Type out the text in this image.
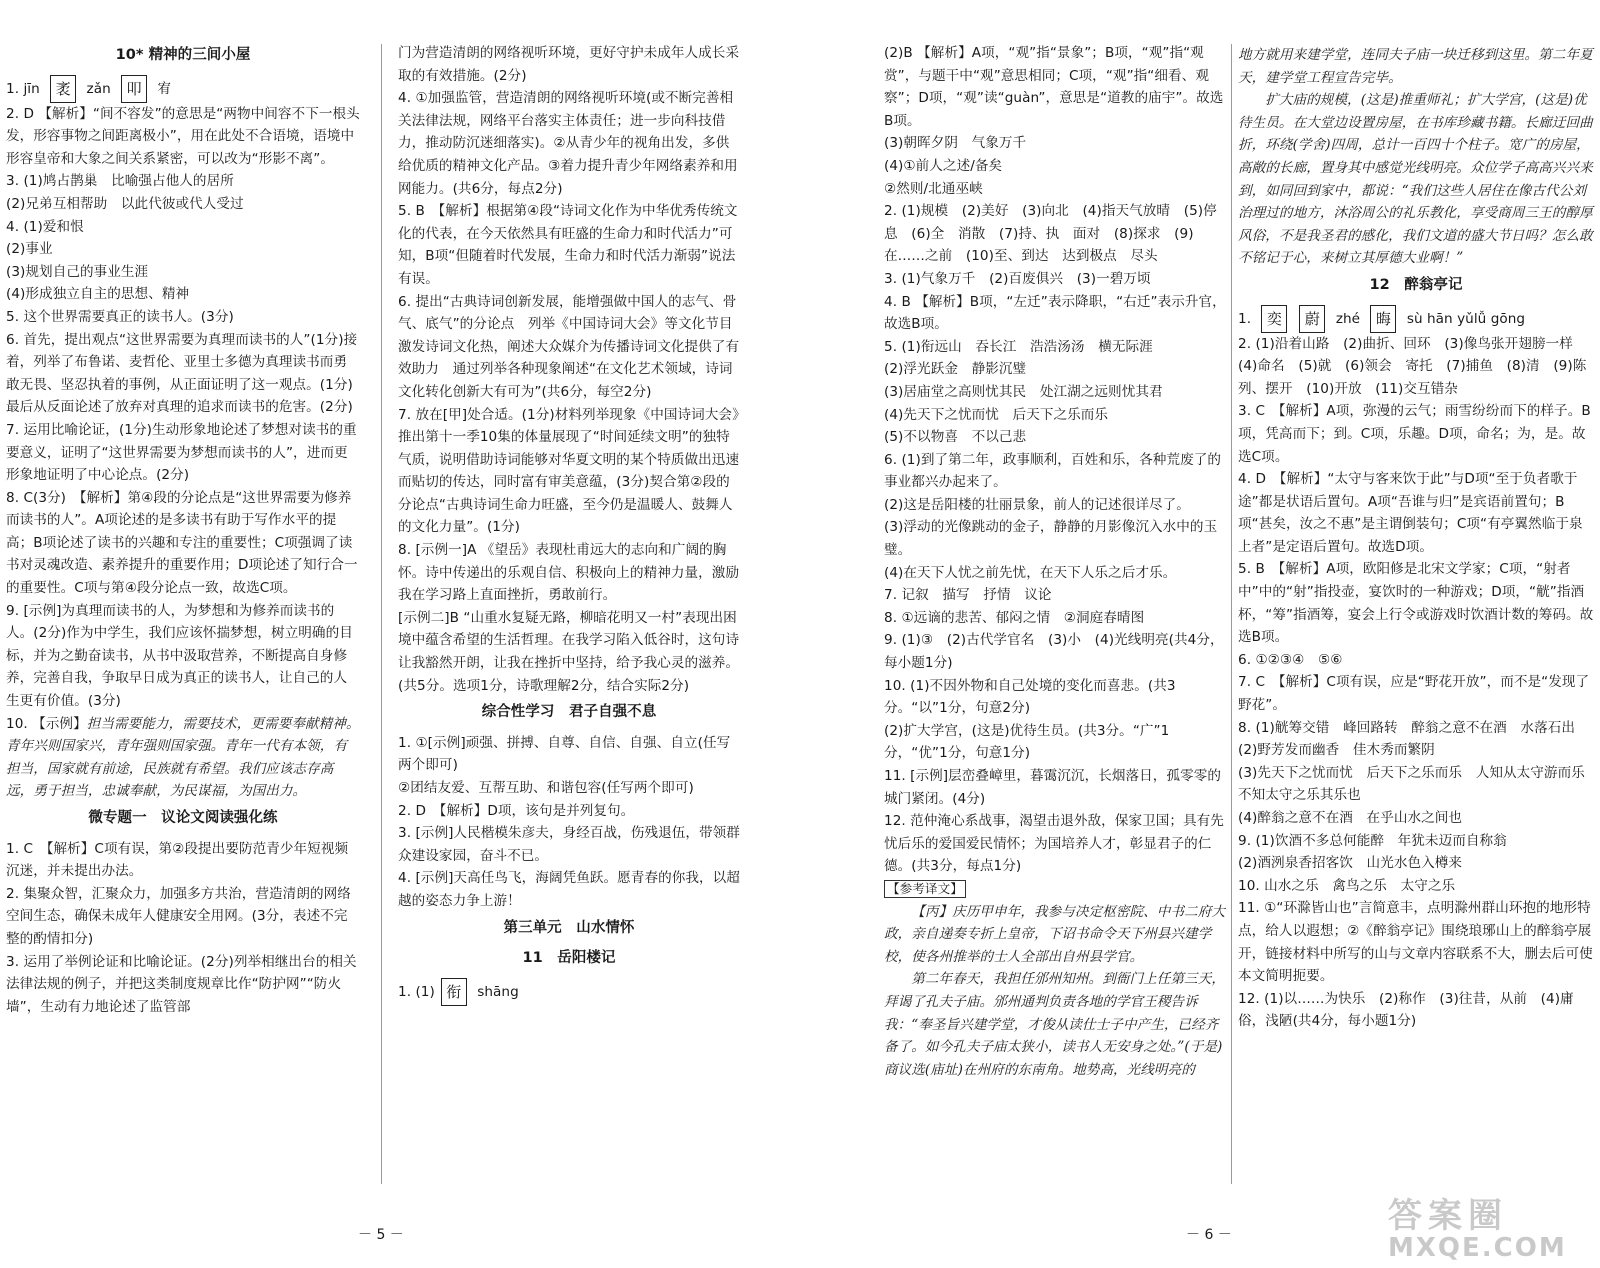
10* 精神的三间小屋

1. jīn 袤 zǎn 叩 宥

2. D 【解析】“间不容发”的意思是“两物中间容不下一根头发，形容事物之间距离极小”，用在此处不合语境，语境中形容皇帝和大象之间关系紧密，可以改为“形影不离”。

3. (1)鸠占鹊巢　比喻强占他人的居所

(2)兄弟互相帮助　以此代彼或代人受过

4. (1)爱和恨

(2)事业

(3)规划自己的事业生涯

(4)形成独立自主的思想、精神

5. 这个世界需要真正的读书人。(3分)

6. 首先，提出观点“这世界需要为真理而读书的人”(1分)接着，列举了布鲁诺、麦哲伦、亚里士多德为真理读书而勇敢无畏、坚忍执着的事例，从正面证明了这一观点。(1分)最后从反面论述了放弃对真理的追求而读书的危害。(2分)

7. 运用比喻论证，(1分)生动形象地论述了梦想对读书的重要意义，证明了“这世界需要为梦想而读书的人”，进而更形象地证明了中心论点。(2分)

8. C(3分)　【解析】第④段的分论点是“这世界需要为修养而读书的人”。A项论述的是多读书有助于写作水平的提高；B项论述了读书的兴趣和专注的重要性；C项强调了读书对灵魂改造、素养提升的重要作用；D项论述了知行合一的重要性。C项与第④段分论点一致，故选C项。

9. [示例]为真理而读书的人，为梦想和为修养而读书的人。(2分)作为中学生，我们应该怀揣梦想，树立明确的目标，并为之勤奋读书，从书中汲取营养，不断提高自身修养，完善自我，争取早日成为真正的读书人，让自己的人生更有价值。(3分)

10. 【示例】担当需要能力，需要技术，更需要奉献精神。青年兴则国家兴，青年强则国家强。青年一代有本领，有担当，国家就有前途，民族就有希望。我们应该志存高远，勇于担当，忠诚奉献，为民谋福，为国出力。

微专题一　议论文阅读强化练

1. C　【解析】C项有误，第②段提出要防范青少年短视频沉迷，并未提出办法。

2. 集聚众智，汇聚众力，加强多方共治，营造清朗的网络空间生态，确保未成年人健康安全用网。(3分，表述不完整的酌情扣分)

3. 运用了举例论证和比喻论证。(2分)列举相继出台的相关法律法规的例子，并把这类制度规章比作“防护网”“防火墙”，生动有力地论述了监管部

门为营造清朗的网络视听环境，更好守护未成年人成长采取的有效措施。(2分)

4. ①加强监管，营造清朗的网络视听环境(或不断完善相关法律法规，网络平台落实主体责任；进一步向科技借力，推动防沉迷细落实)。②从青少年的视角出发，多供给优质的精神文化产品。③着力提升青少年网络素养和用网能力。(共6分，每点2分)

5. B　【解析】根据第④段“诗词文化作为中华优秀传统文化的代表，在今天依然具有旺盛的生命力和时代活力”可知，B项“但随着时代发展，生命力和时代活力渐弱”说法有误。

6. 提出“古典诗词创新发展，能增强做中国人的志气、骨气、底气”的分论点　列举《中国诗词大会》等文化节目激发诗词文化热，阐述大众媒介为传播诗词文化提供了有效助力　通过列举各种现象阐述“在文化艺术领域，诗词文化转化创新大有可为”(共6分，每空2分)

7. 放在[甲]处合适。(1分)材料列举现象《中国诗词大会》推出第十一季10集的体量展现了“时间延续文明”的独特气质，说明借助诗词能够对华夏文明的某个特质做出迅速而贴切的传达，同时富有审美意蕴，(3分)契合第②段的分论点“古典诗词生命力旺盛，至今仍是温暖人、鼓舞人的文化力量”。(1分)

8. [示例一]A 《望岳》表现杜甫远大的志向和广阔的胸怀。诗中传递出的乐观自信、积极向上的精神力量，激励我在学习路上直面挫折，勇敢前行。

[示例二]B “山重水复疑无路，柳暗花明又一村”表现出困境中蕴含希望的生活哲理。在我学习陷入低谷时，这句诗让我豁然开朗，让我在挫折中坚持，给予我心灵的滋养。(共5分。选项1分，诗歌理解2分，结合实际2分)

综合性学习　君子自强不息

1. ①[示例]顽强、拼搏、自尊、自信、自强、自立(任写两个即可)

②团结友爱、互帮互助、和谐包容(任写两个即可)

2. D　【解析】D项，该句是并列复句。

3. [示例]人民楷模朱彦夫，身经百战，伤残退伍，带领群众建设家园，奋斗不已。

4. [示例]天高任鸟飞，海阔凭鱼跃。愿青春的你我，以超越的姿态力争上游！

第三单元　山水情怀

11　岳阳楼记

1. (1) 衔 shāng

(2)B 【解析】A项，“观”指“景象”；B项，“观”指“观赏”，与题干中“观”意思相同；C项，“观”指“细看、观察”；D项，“观”读“guàn”，意思是“道教的庙宇”。故选B项。

(3)朝晖夕阴　气象万千

(4)①前人之述/备矣

②然则/北通巫峡

2. (1)规模　(2)美好　(3)向北　(4)指天气放晴　(5)停息　(6)全　消散　(7)持、执　面对　(8)探求　(9)在……之前　(10)至、到达　达到极点　尽头

3. (1)气象万千　(2)百废俱兴　(3)一碧万顷

4. B 【解析】B项，“左迁”表示降职，“右迁”表示升官，故选B项。

5. (1)衔远山　吞长江　浩浩汤汤　横无际涯

(2)浮光跃金　静影沉璧

(3)居庙堂之高则忧其民　处江湖之远则忧其君

(4)先天下之忧而忧　后天下之乐而乐

(5)不以物喜　不以己悲

6. (1)到了第二年，政事顺利，百姓和乐，各种荒废了的事业都兴办起来了。

(2)这是岳阳楼的壮丽景象，前人的记述很详尽了。

(3)浮动的光像跳动的金子，静静的月影像沉入水中的玉璧。

(4)在天下人忧之前先忧，在天下人乐之后才乐。

7. 记叙　描写　抒情　议论

8. ①远谪的悲苦、郁闷之情　②洞庭春晴图

9. (1)③　(2)古代学官名　(3)小　(4)光线明亮(共4分，每小题1分)

10. (1)不因外物和自己处境的变化而喜悲。(共3分。“以”1分，句意2分)

(2)扩大学宫，(这是)优待生员。(共3分。“广”1分，“优”1分，句意1分)

11. [示例]层峦叠嶂里，暮霭沉沉，长烟落日，孤零零的城门紧闭。(4分)

12. 范仲淹心系战事，渴望击退外敌，保家卫国；具有先忧后乐的爱国爱民情怀；为国培养人才，彰显君子的仁德。(共3分，每点1分)

【参考译文】

【丙】庆历甲申年，我参与决定枢密院、中书二府大政，亲自递奏专折上皇帝，下诏书命令天下州县兴建学校，使各州推举的士人全部出自州县学官。

第二年春天，我担任邠州知州。到衙门上任第三天，拜谒了孔夫子庙。邠州通判负责各地的学官王稷告诉我：“奉圣旨兴建学堂，才俊从读仕士子中产生，已经齐备了。如今孔夫子庙太狭小，读书人无安身之处。”(于是)商议选(庙址)在州府的东南角。地势高，光线明亮的

地方就用来建学堂，连同夫子庙一块迁移到这里。第二年夏天，建学堂工程宣告完毕。

扩大庙的规模，(这是)推重师礼；扩大学宫，(这是)优待生员。在大堂边设置房屋，在书库珍藏书籍。长廊迂回曲折，环绕(学舍)四周，总计一百四十个柱子。宽广的房屋，高敞的长廊，置身其中感觉光线明亮。众位学子高高兴兴来到，如同回到家中，都说：“我们这些人居住在像古代公刘治理过的地方，沐浴周公的礼乐教化，享受商周三王的醇厚风俗，不是我圣君的感化，我们文道的盛大节日吗？怎么敢不铭记于心，来树立其厚德大业啊！”

12　醉翁亭记

1. 奕 蔚 zhé 晦 sù hān yǔlǚ gōng

2. (1)沿着山路　(2)曲折、回环　(3)像鸟张开翅膀一样　(4)命名　(5)就　(6)领会　寄托　(7)捕鱼　(8)清　(9)陈列、摆开　(10)开放　(11)交互错杂

3. C　【解析】A项，弥漫的云气；雨雪纷纷而下的样子。B项，凭高而下；到。C项，乐趣。D项，命名；为，是。故选C项。

4. D　【解析】“太守与客来饮于此”与D项“至于负者歌于途”都是状语后置句。A项“吾谁与归”是宾语前置句；B项“甚矣，汝之不惠”是主谓倒装句；C项“有亭翼然临于泉上者”是定语后置句。故选D项。

5. B　【解析】A项，欧阳修是北宋文学家；C项，“射者中”中的“射”指投壶，宴饮时的一种游戏；D项，“觥”指酒杯，“筹”指酒筹，宴会上行令或游戏时饮酒计数的筹码。故选B项。

6. ①②③④　⑤⑥

7. C　【解析】C项有误，应是“野花开放”，而不是“发现了野花”。

8. (1)觥筹交错　峰回路转　醉翁之意不在酒　水落石出

(2)野芳发而幽香　佳木秀而繁阴

(3)先天下之忧而忧　后天下之乐而乐　人知从太守游而乐　不知太守之乐其乐也

(4)醉翁之意不在酒　在乎山水之间也

9. (1)饮酒不多总何能醉　年犹未迈而自称翁

(2)酒洌泉香招客饮　山光水色入樽来

10. 山水之乐　禽鸟之乐　太守之乐

11. ①“环滁皆山也”言简意丰，点明滁州群山环抱的地形特点，给人以遐想；②《醉翁亭记》围绕琅琊山上的醉翁亭展开，链接材料中所写的山与文章内容联系不大，删去后可使本文简明扼要。

12. (1)以……为快乐　(2)称作　(3)往昔，从前　(4)庸俗，浅陋(共4分，每小题1分)

－ 5 －	－ 6 －	答案圈
MXQE.COM
